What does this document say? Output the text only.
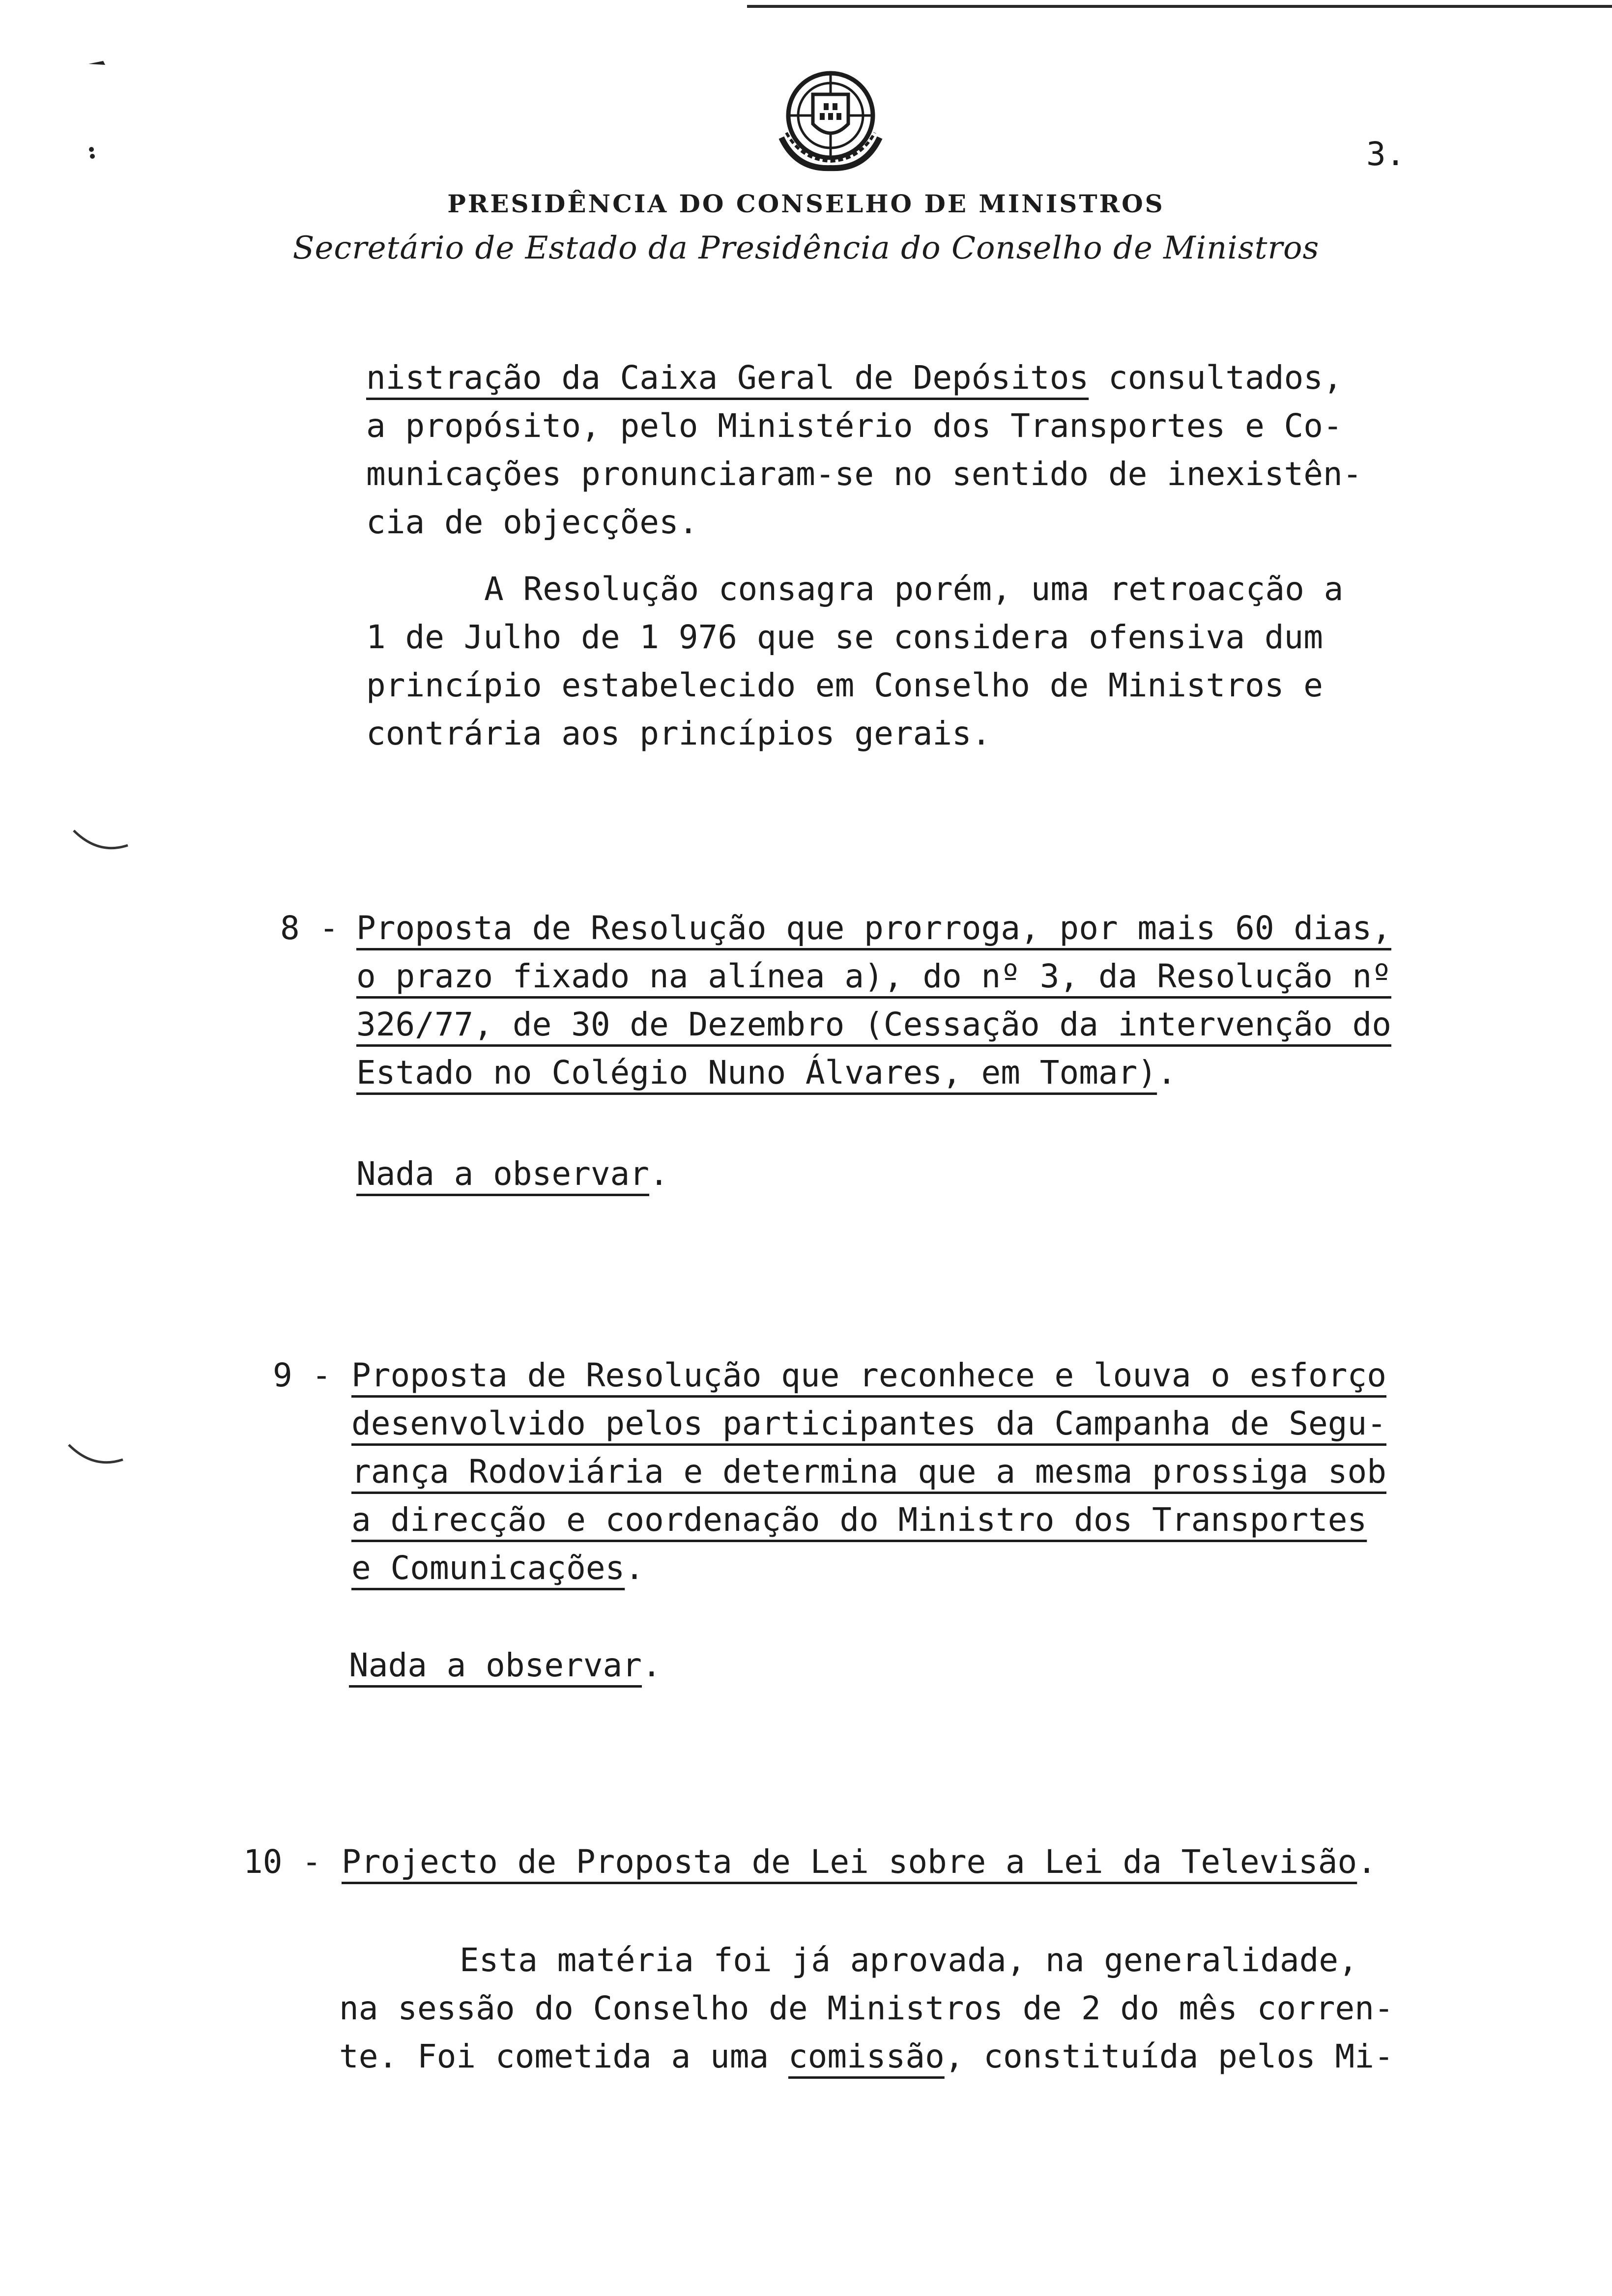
3.
PRESIDÊNCIA DO CONSELHO DE MINISTROS
Secretário de Estado da Presidência do Conselho de Ministros
nistração da Caixa Geral de Depósitos consultados,
a propósito, pelo Ministério dos Transportes e Co-
municações pronunciaram-se no sentido de inexistên-
cia de objecções.
A Resolução consagra porém, uma retroacção a
1 de Julho de 1 976 que se considera ofensiva dum
princípio estabelecido em Conselho de Ministros e
contrária aos princípios gerais.
8 - Proposta de Resolução que prorroga, por mais 60 dias,
o prazo fixado na alínea a), do nº 3, da Resolução nº
326/77, de 30 de Dezembro (Cessação da intervenção do
Estado no Colégio Nuno Álvares, em Tomar).
Nada a observar.
9 - Proposta de Resolução que reconhece e louva o esforço
desenvolvido pelos participantes da Campanha de Segu-
rança Rodoviária e determina que a mesma prossiga sob
a direcção e coordenação do Ministro dos Transportes
e Comunicações.
Nada a observar.
10 - Projecto de Proposta de Lei sobre a Lei da Televisão.
Esta matéria foi já aprovada, na generalidade,
na sessão do Conselho de Ministros de 2 do mês corren-
te. Foi cometida a uma comissão, constituída pelos Mi-
